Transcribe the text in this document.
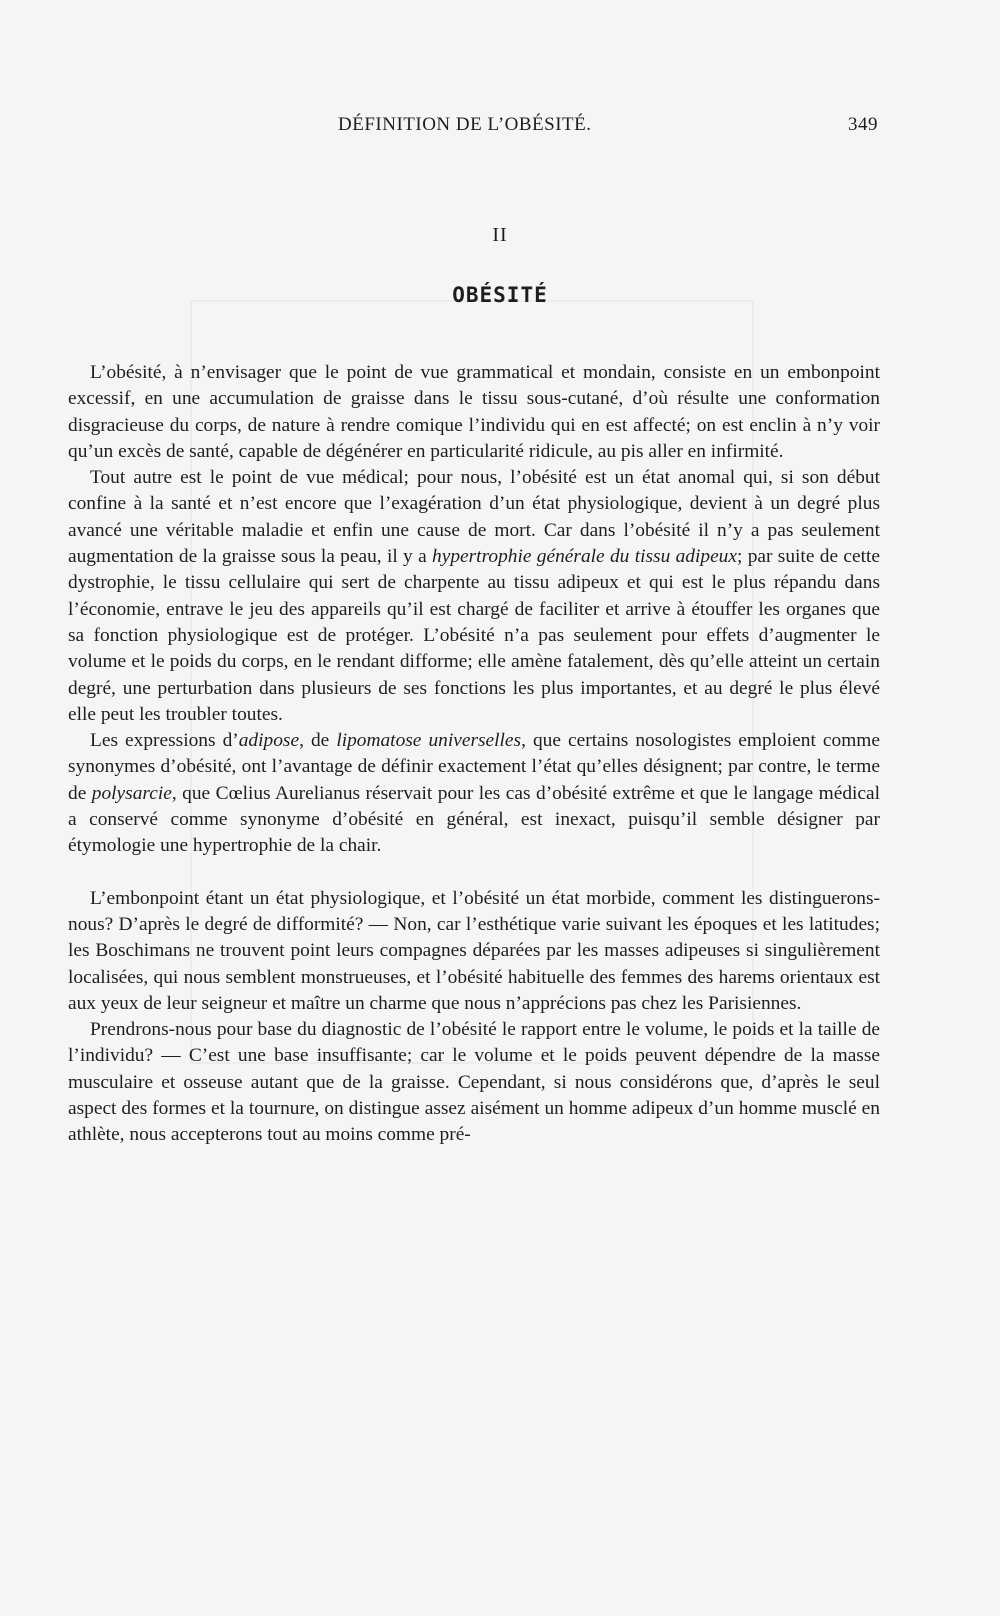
DÉFINITION DE L’OBÉSITÉ.	349
II
OBÉSITÉ

L’obésité, à n’envisager que le point de vue grammatical et mondain, consiste en un embonpoint excessif, en une accumulation de graisse dans le tissu sous-cutané, d’où résulte une conformation disgracieuse du corps, de nature à rendre comique l’individu qui en est affecté; on est enclin à n’y voir qu’un excès de santé, capable de dégénérer en particularité ridicule, au pis aller en infirmité.

Tout autre est le point de vue médical; pour nous, l’obésité est un état anomal qui, si son début confine à la santé et n’est encore que l’exagération d’un état physiologique, devient à un degré plus avancé une véritable maladie et enfin une cause de mort. Car dans l’obésité il n’y a pas seulement augmentation de la graisse sous la peau, il y a hypertrophie générale du tissu adipeux; par suite de cette dystrophie, le tissu cellulaire qui sert de charpente au tissu adipeux et qui est le plus répandu dans l’économie, entrave le jeu des appareils qu’il est chargé de faciliter et arrive à étouffer les organes que sa fonction physiologique est de protéger. L’obésité n’a pas seulement pour effets d’augmenter le volume et le poids du corps, en le rendant difforme; elle amène fatalement, dès qu’elle atteint un certain degré, une perturbation dans plusieurs de ses fonctions les plus importantes, et au degré le plus élevé elle peut les troubler toutes.

Les expressions d’adipose, de lipomatose universelles, que certains nosologistes emploient comme synonymes d’obésité, ont l’avantage de définir exactement l’état qu’elles désignent; par contre, le terme de polysarcie, que Cœlius Aurelianus réservait pour les cas d’obésité extrême et que le langage médical a conservé comme synonyme d’obésité en général, est inexact, puisqu’il semble désigner par étymologie une hypertrophie de la chair.

L’embonpoint étant un état physiologique, et l’obésité un état morbide, comment les distinguerons-nous? D’après le degré de difformité? — Non, car l’esthétique varie suivant les époques et les latitudes; les Boschimans ne trouvent point leurs compagnes déparées par les masses adipeuses si singulièrement localisées, qui nous semblent monstrueuses, et l’obésité habituelle des femmes des harems orientaux est aux yeux de leur seigneur et maître un charme que nous n’apprécions pas chez les Parisiennes.

Prendrons-nous pour base du diagnostic de l’obésité le rapport entre le volume, le poids et la taille de l’individu? — C’est une base insuffisante; car le volume et le poids peuvent dépendre de la masse musculaire et osseuse autant que de la graisse. Cependant, si nous considérons que, d’après le seul aspect des formes et la tournure, on distingue assez aisément un homme adipeux d’un homme musclé en athlète, nous accepterons tout au moins comme pré-
